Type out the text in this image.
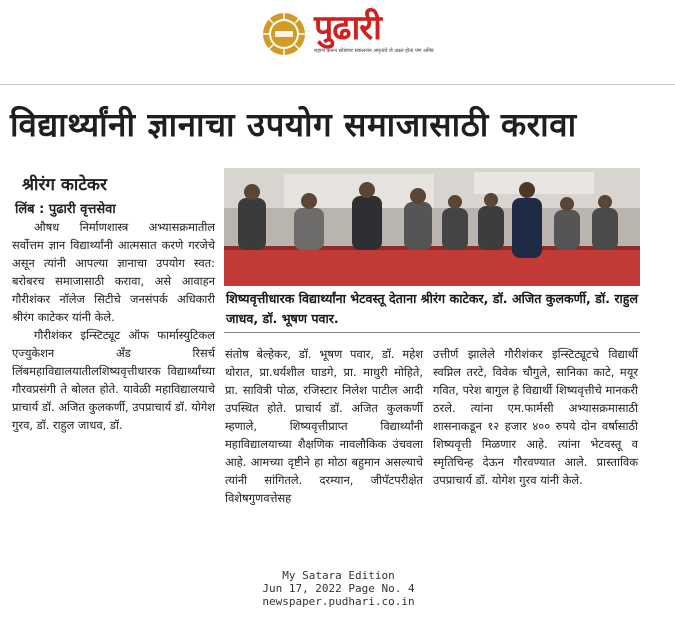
पुढारी
शहाणं करून सोडणार सकलजन अमृताचे जे अक्षर होता पण अनिष्ट
विद्यार्थ्यांनी ज्ञानाचा उपयोग समाजासाठी करावा
श्रीरंग काटेकर
लिंब : पुढारी वृत्तसेवा

औषध निर्माणशास्त्र अभ्यासक्रमातील सर्वोत्तम ज्ञान विद्यार्थ्यांनी आत्मसात करणे गरजेचे असून त्यांनी आपल्या ज्ञानाचा उपयोग स्वत: बरोबरच समाजासाठी करावा, असे आवाहन गौरीशंकर नॉलेज सिटीचे जनसंपर्क अधिकारी श्रीरंग काटेकर यांनी केले.

गौरीशंकर इन्स्टिट्यूट ऑफ फार्मास्युटिकल एज्युकेशन अँड रिसर्च लिंबमहाविद्यालयातीलशिष्यवृत्तीधारक विद्यार्थ्यांच्या गौरवप्रसंगी ते बोलत होते. यावेळी महाविद्यालयाचे प्राचार्य डॉ. अजित कुलकर्णी, उपप्राचार्य डॉ. योगेश गुरव, डॉ. राहुल जाधव, डॉ.

शिष्यवृत्तीधारक विद्यार्थ्यांना भेटवस्तू देताना श्रीरंग काटेकर, डॉ. अजित कुलकर्णी, डॉ. राहुल जाधव, डॉ. भूषण पवार.

संतोष बेल्हेकर, डॉ. भूषण पवार, डॉ. महेश थोरात, प्रा.धर्यशील घाडगे, प्रा. माधुरी मोहिते, प्रा. सावित्री पोळ, रजिस्टार निलेश पाटील आदी उपस्थित होते. प्राचार्य डॉ. अजित कुलकर्णी म्हणाले, शिष्यवृत्तीप्राप्त विद्यार्थ्यांनी महाविद्यालयाच्या शैक्षणिक नावलौकिक उंचवला आहे. आमच्या दृष्टीने हा मोठा बहुमान असल्याचे त्यांनी सांगितले. दरम्यान, जीपॅटपरीक्षेत विशेषगुणवत्तेसह

उत्तीर्ण झालेले गौरीशंकर इन्स्टिट्यूटचे विद्यार्थी स्वप्निल तरटे, विवेक चौगुले, सानिका काटे, मयूर गवित, परेश बागुल हे विद्यार्थी शिष्यवृत्तीचे मानकरी ठरले. त्यांना एम.फार्मसी अभ्यासक्रमासाठी शासनाकडून १२ हजार ४०० रुपये दोन वर्षासाठी शिष्यवृत्ती मिळणार आहे. त्यांना भेटवस्तू व स्मृतिचिन्ह देऊन गौरवण्यात आले. प्रास्ताविक उपप्राचार्य डॉ. योगेश गुरव यांनी केले.

My Satara Edition
Jun 17, 2022 Page No. 4
newspaper.pudhari.co.in
